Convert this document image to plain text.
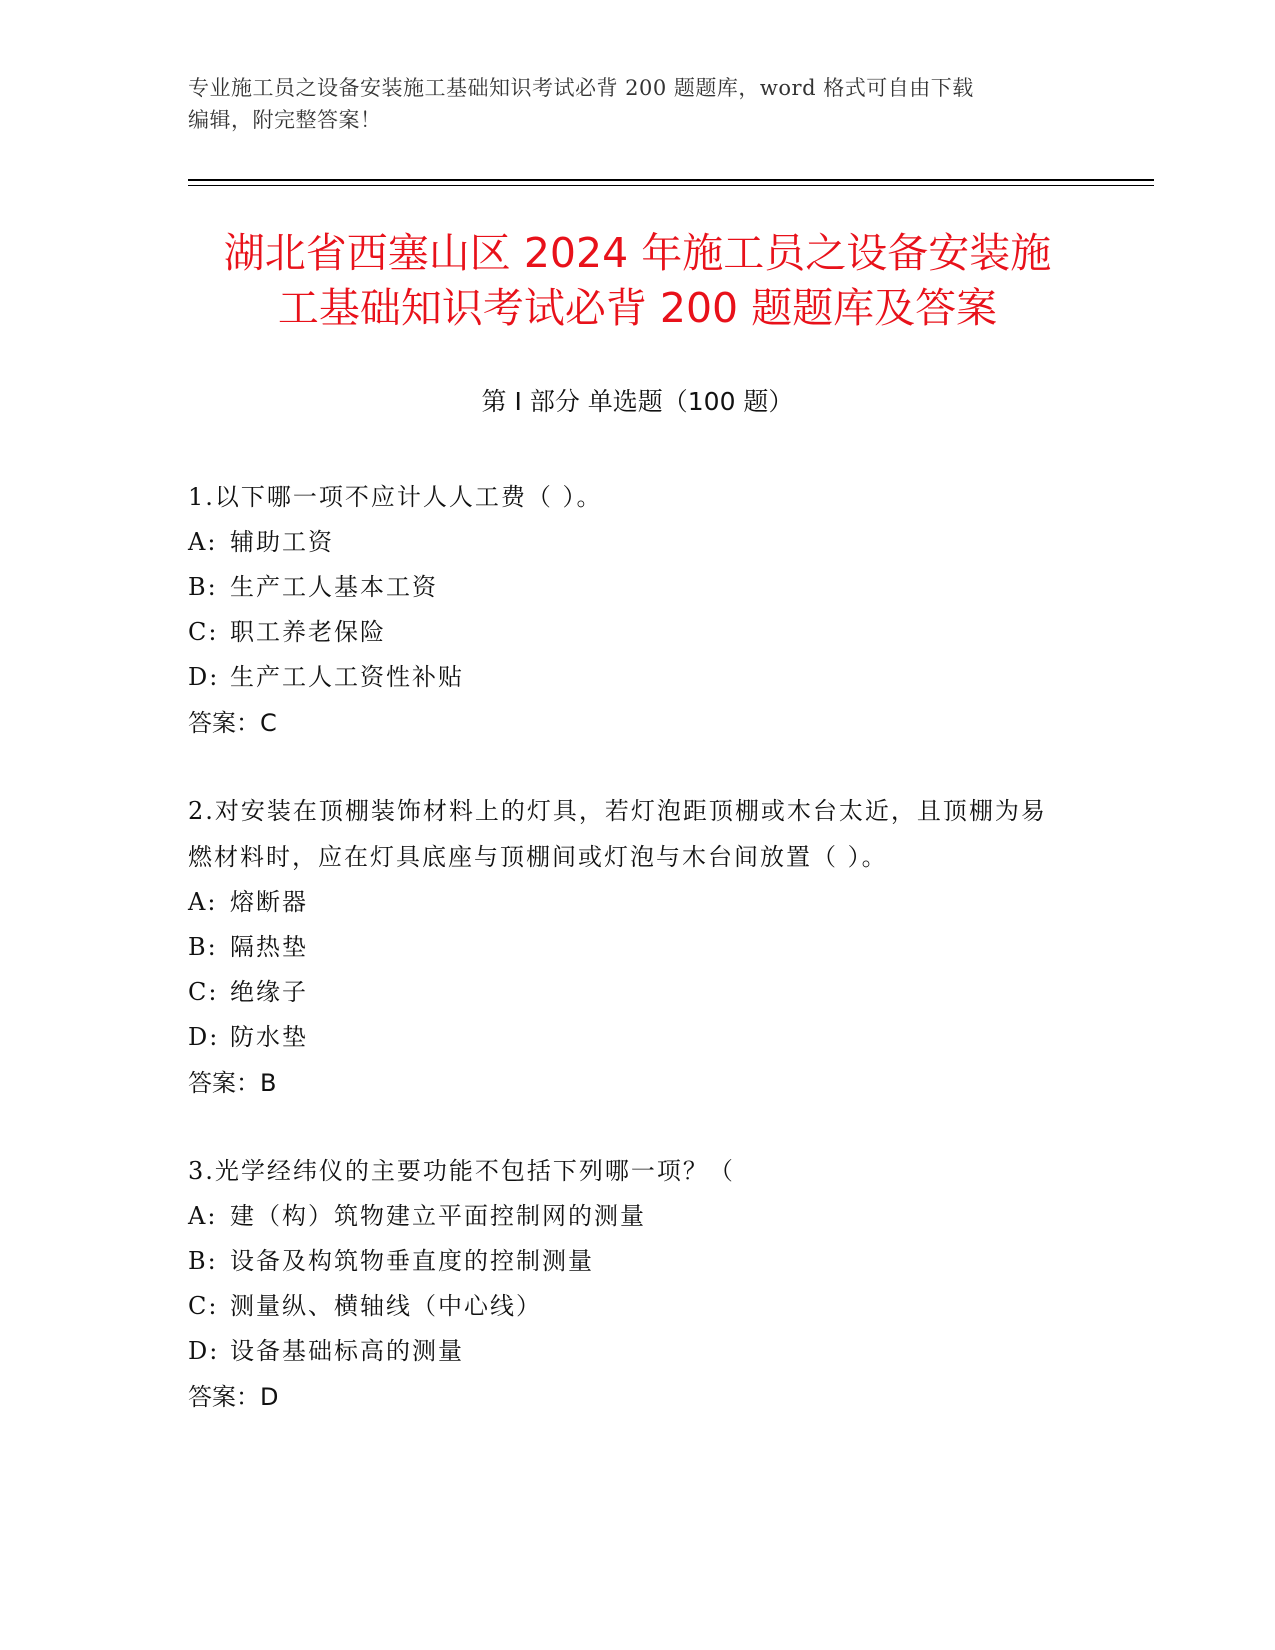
专业施工员之设备安装施工基础知识考试必背 200 题题库，word 格式可自由下载
编辑，附完整答案！
湖北省西塞山区 2024 年施工员之设备安装施
工基础知识考试必背 200 题题库及答案
第 I 部分 单选题（100 题）
1.以下哪一项不应计人人工费（ ）。
A: 辅助工资
B: 生产工人基本工资
C: 职工养老保险
D: 生产工人工资性补贴
答案：C
2.对安装在顶棚装饰材料上的灯具，若灯泡距顶棚或木台太近，且顶棚为易燃材料时，应在灯具底座与顶棚间或灯泡与木台间放置（ ）。
A: 熔断器
B: 隔热垫
C: 绝缘子
D: 防水垫
答案：B
3.光学经纬仪的主要功能不包括下列哪一项？（
A: 建（构）筑物建立平面控制网的测量
B: 设备及构筑物垂直度的控制测量
C: 测量纵、横轴线（中心线）
D: 设备基础标高的测量
答案：D
